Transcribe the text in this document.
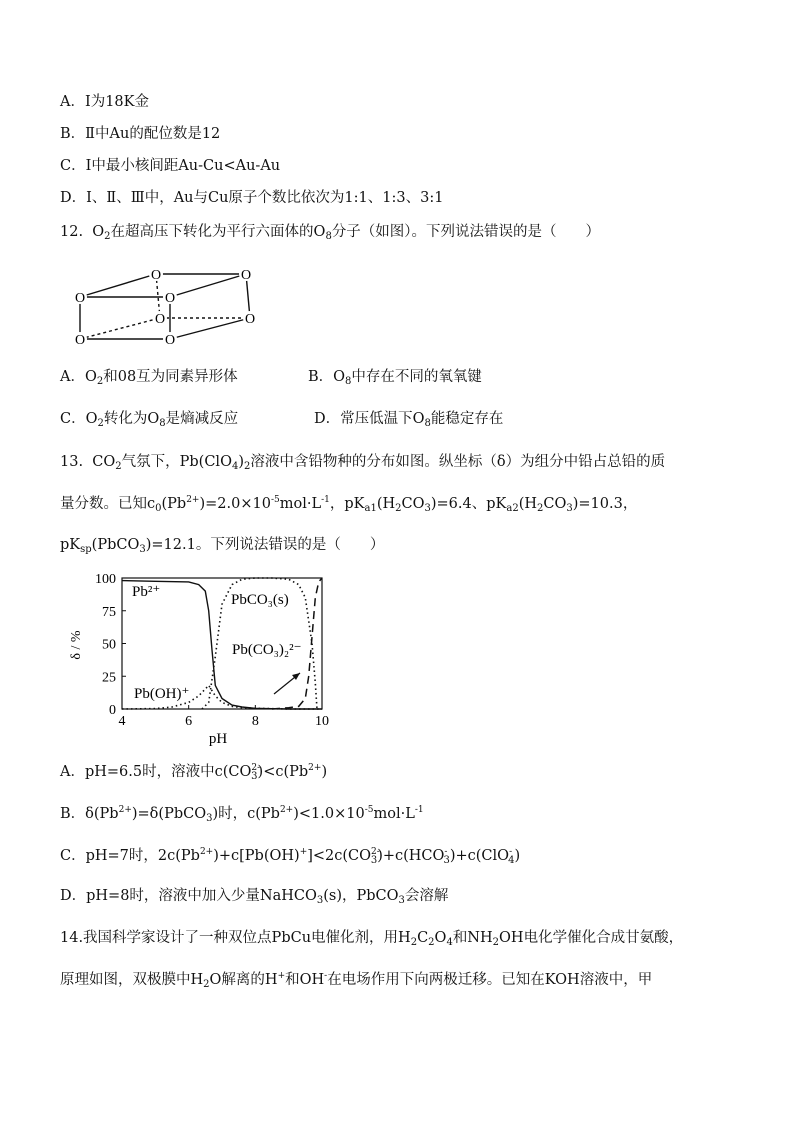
A．Ⅰ为18K金
B．Ⅱ中Au的配位数是12
C．Ⅰ中最小核间距Au-Cu<Au-Au
D．Ⅰ、Ⅱ、Ⅲ中，Au与Cu原子个数比依次为1:1、1:3、3:1
12. $O_2$在超高压下转化为平行六面体的$O_8$分子（如图）。下列说法错误的是（　　）
O	O
O	O
O	O
O	O
A．$O_2$和08互为同素异形体	B．$O_8$中存在不同的氧氧键
C．$O_2$转化为$O_8$是熵减反应	D．常压低温下$O_8$能稳定存在
13. $CO_2$气氛下，$Pb(ClO_4)_2$溶液中含铅物种的分布如图。纵坐标（δ）为组分中铅占总铅的质
量分数。已知$c_0(Pb^{2+})=2.0\times 10^{-5}mol\cdot L^{-1}$，$pK_{a1}(H_2CO_3)=6.4$、$pK_{a2}(H_2CO_3)=10.3$，
$pK_{sp}(PbCO_3)=12.1$。下列说法错误的是（　　）
4	6	8	10
0
25
50
75
100
Pb²⁺	PbCO₃(s)
Pb(CO₃)₂²⁻
Pb(OH)⁺
δ / %
pH
A．pH=6.5时，溶液中$c(CO^{2-}_3)<c(Pb^{2+})$
B．$\delta(Pb^{2+})=\delta(PbCO_3)$时，$c(Pb^{2+})<1.0\times 10^{-5}mol\cdot L^{-1}$
C．pH=7时，$2c(Pb^{2+})+c[Pb(OH)^+]<2c(CO^{2-}_3)+c(HCO^-_3)+c(ClO^-_4)$
D．pH=8时，溶液中加入少量NaHCO$_3$(s)，PbCO$_3$会溶解
14.我国科学家设计了一种双位点PbCu电催化剂，用$H_2C_2O_4$和$NH_2OH$电化学催化合成甘氨酸，
原理如图，双极膜中$H_2O$解离的H+和OH-在电场作用下向两极迁移。已知在KOH溶液中，甲
